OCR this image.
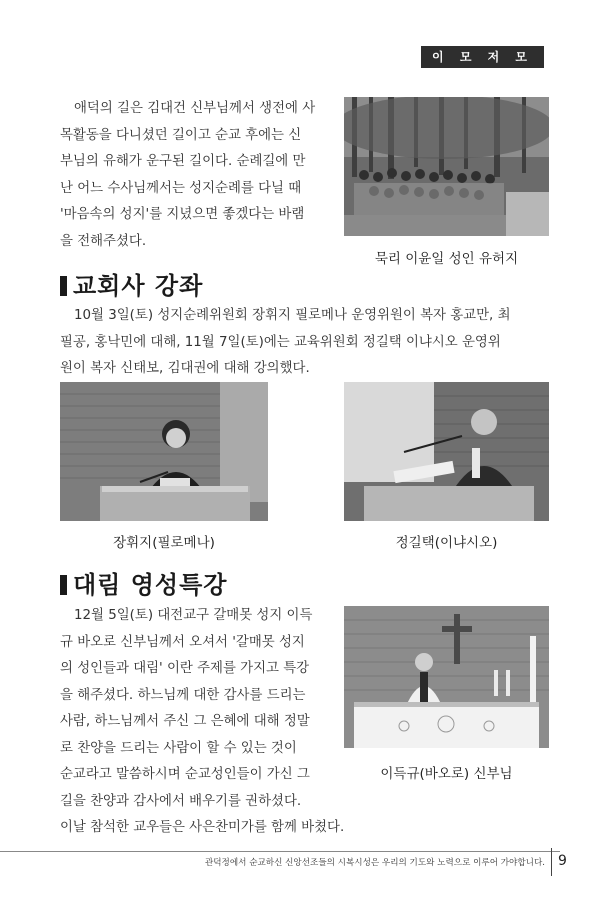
이 모 저 모

애덕의 길은 김대건 신부님께서 생전에 사

목활동을 다니셨던 길이고 순교 후에는 신

부님의 유해가 운구된 길이다. 순례길에 만

난 어느 수사님께서는 성지순례를 다닐 때

'마음속의 성지'를 지녔으면 좋겠다는 바램

을 전해주셨다.

묵리 이윤일 성인 유허지
교회사 강좌

10월 3일(토) 성지순례위원회 장휘지 필로메나 운영위원이 복자 홍교만, 최

필공, 홍낙민에 대해, 11월 7일(토)에는 교육위원회 정길택 이냐시오 운영위

원이 복자 신태보, 김대권에 대해 강의했다.

장휘지(필로메나)	정길택(이냐시오)
대림 영성특강

12월 5일(토) 대전교구 갈매못 성지 이득

규 바오로 신부님께서 오셔서 '갈매못 성지

의 성인들과 대림' 이란 주제를 가지고 특강

을 해주셨다. 하느님께 대한 감사를 드리는

사람, 하느님께서 주신 그 은혜에 대해 정말

로 찬양을 드리는 사람이 할 수 있는 것이

순교라고 말씀하시며 순교성인들이 가신 그

길을 찬양과 감사에서 배우기를 권하셨다.

이날 참석한 교우들은 사은찬미가를 함께 바쳤다.

이득규(바오로) 신부님
관덕정에서 순교하신 신앙선조들의 시복시성은 우리의 기도와 노력으로 이루어 가야합니다. 9
